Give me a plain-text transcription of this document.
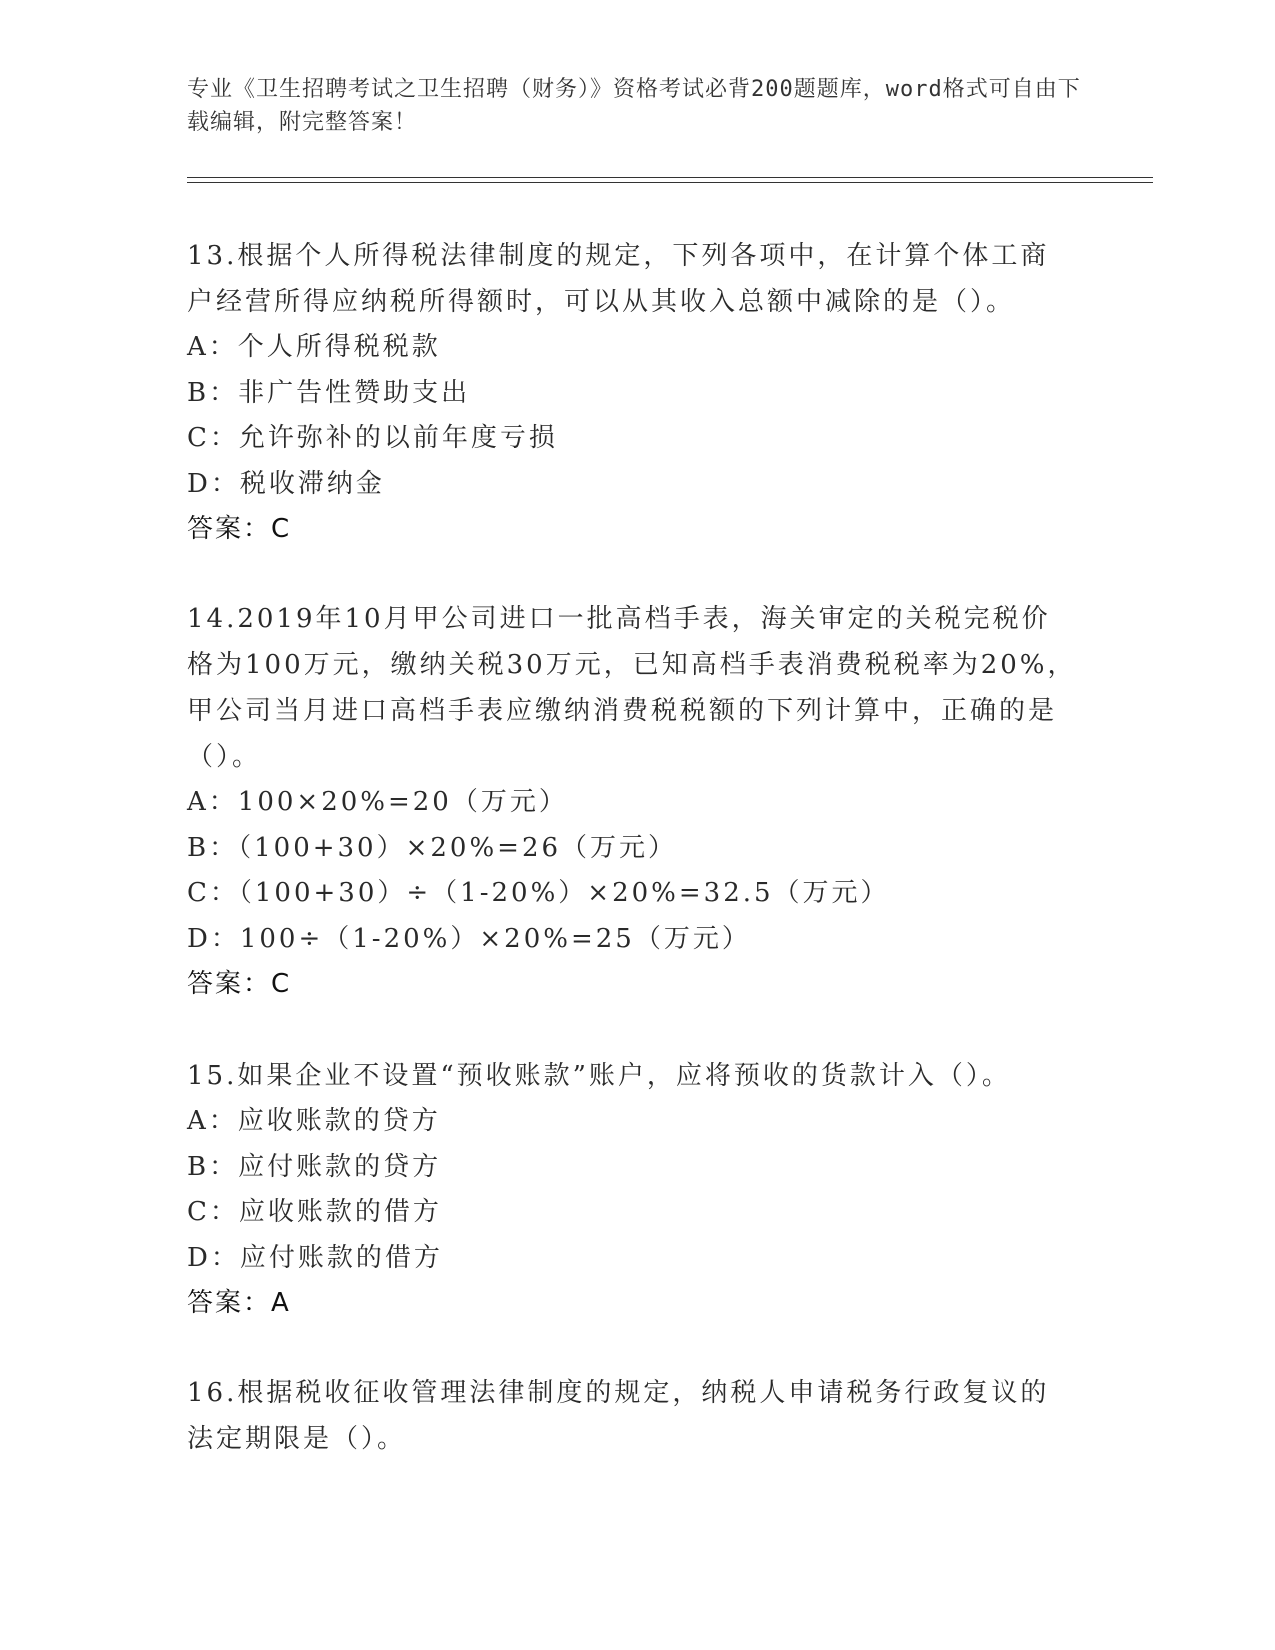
专业《卫生招聘考试之卫生招聘（财务）》资格考试必背200题题库，word格式可自由下载编辑，附完整答案！
13.根据个人所得税法律制度的规定，下列各项中，在计算个体工商户经营所得应纳税所得额时，可以从其收入总额中减除的是（）。
A：个人所得税税款
B：非广告性赞助支出
C：允许弥补的以前年度亏损
D：税收滞纳金
答案：C
14.2019年10月甲公司进口一批高档手表，海关审定的关税完税价格为100万元，缴纳关税30万元，已知高档手表消费税税率为20%，甲公司当月进口高档手表应缴纳消费税税额的下列计算中，正确的是（）。
A：100×20%=20（万元）
B：（100+30）×20%=26（万元）
C：（100+30）÷（1-20%）×20%=32.5（万元）
D：100÷（1-20%）×20%=25（万元）
答案：C
15.如果企业不设置“预收账款”账户，应将预收的货款计入（）。
A：应收账款的贷方
B：应付账款的贷方
C：应收账款的借方
D：应付账款的借方
答案：A
16.根据税收征收管理法律制度的规定，纳税人申请税务行政复议的法定期限是（）。
